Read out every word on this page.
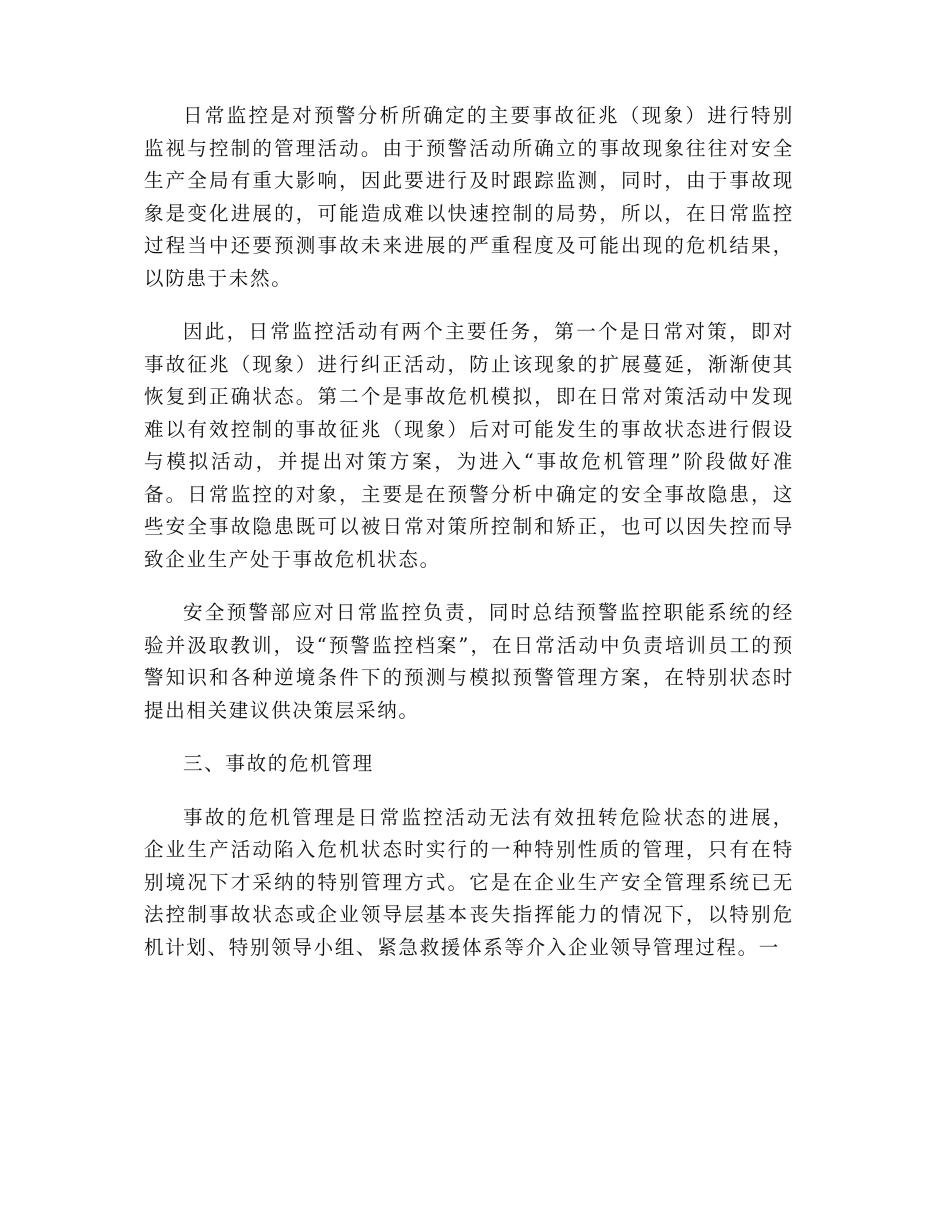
日常监控是对预警分析所确定的主要事故征兆（现象）进行特别监视与控制的管理活动。由于预警活动所确立的事故现象往往对安全生产全局有重大影响，因此要进行及时跟踪监测，同时，由于事故现象是变化进展的，可能造成难以快速控制的局势，所以，在日常监控过程当中还要预测事故未来进展的严重程度及可能出现的危机结果，以防患于未然。

因此，日常监控活动有两个主要任务，第一个是日常对策，即对事故征兆（现象）进行纠正活动，防止该现象的扩展蔓延，渐渐使其恢复到正确状态。第二个是事故危机模拟，即在日常对策活动中发现难以有效控制的事故征兆（现象）后对可能发生的事故状态进行假设与模拟活动，并提出对策方案，为进入“事故危机管理”阶段做好准备。日常监控的对象，主要是在预警分析中确定的安全事故隐患，这些安全事故隐患既可以被日常对策所控制和矫正，也可以因失控而导致企业生产处于事故危机状态。

安全预警部应对日常监控负责，同时总结预警监控职能系统的经验并汲取教训，设“预警监控档案”，在日常活动中负责培训员工的预警知识和各种逆境条件下的预测与模拟预警管理方案，在特别状态时提出相关建议供决策层采纳。

三、事故的危机管理

事故的危机管理是日常监控活动无法有效扭转危险状态的进展，企业生产活动陷入危机状态时实行的一种特别性质的管理，只有在特别境况下才采纳的特别管理方式。它是在企业生产安全管理系统已无法控制事故状态或企业领导层基本丧失指挥能力的情况下，以特别危机计划、特别领导小组、紧急救援体系等介入企业领导管理过程。一
